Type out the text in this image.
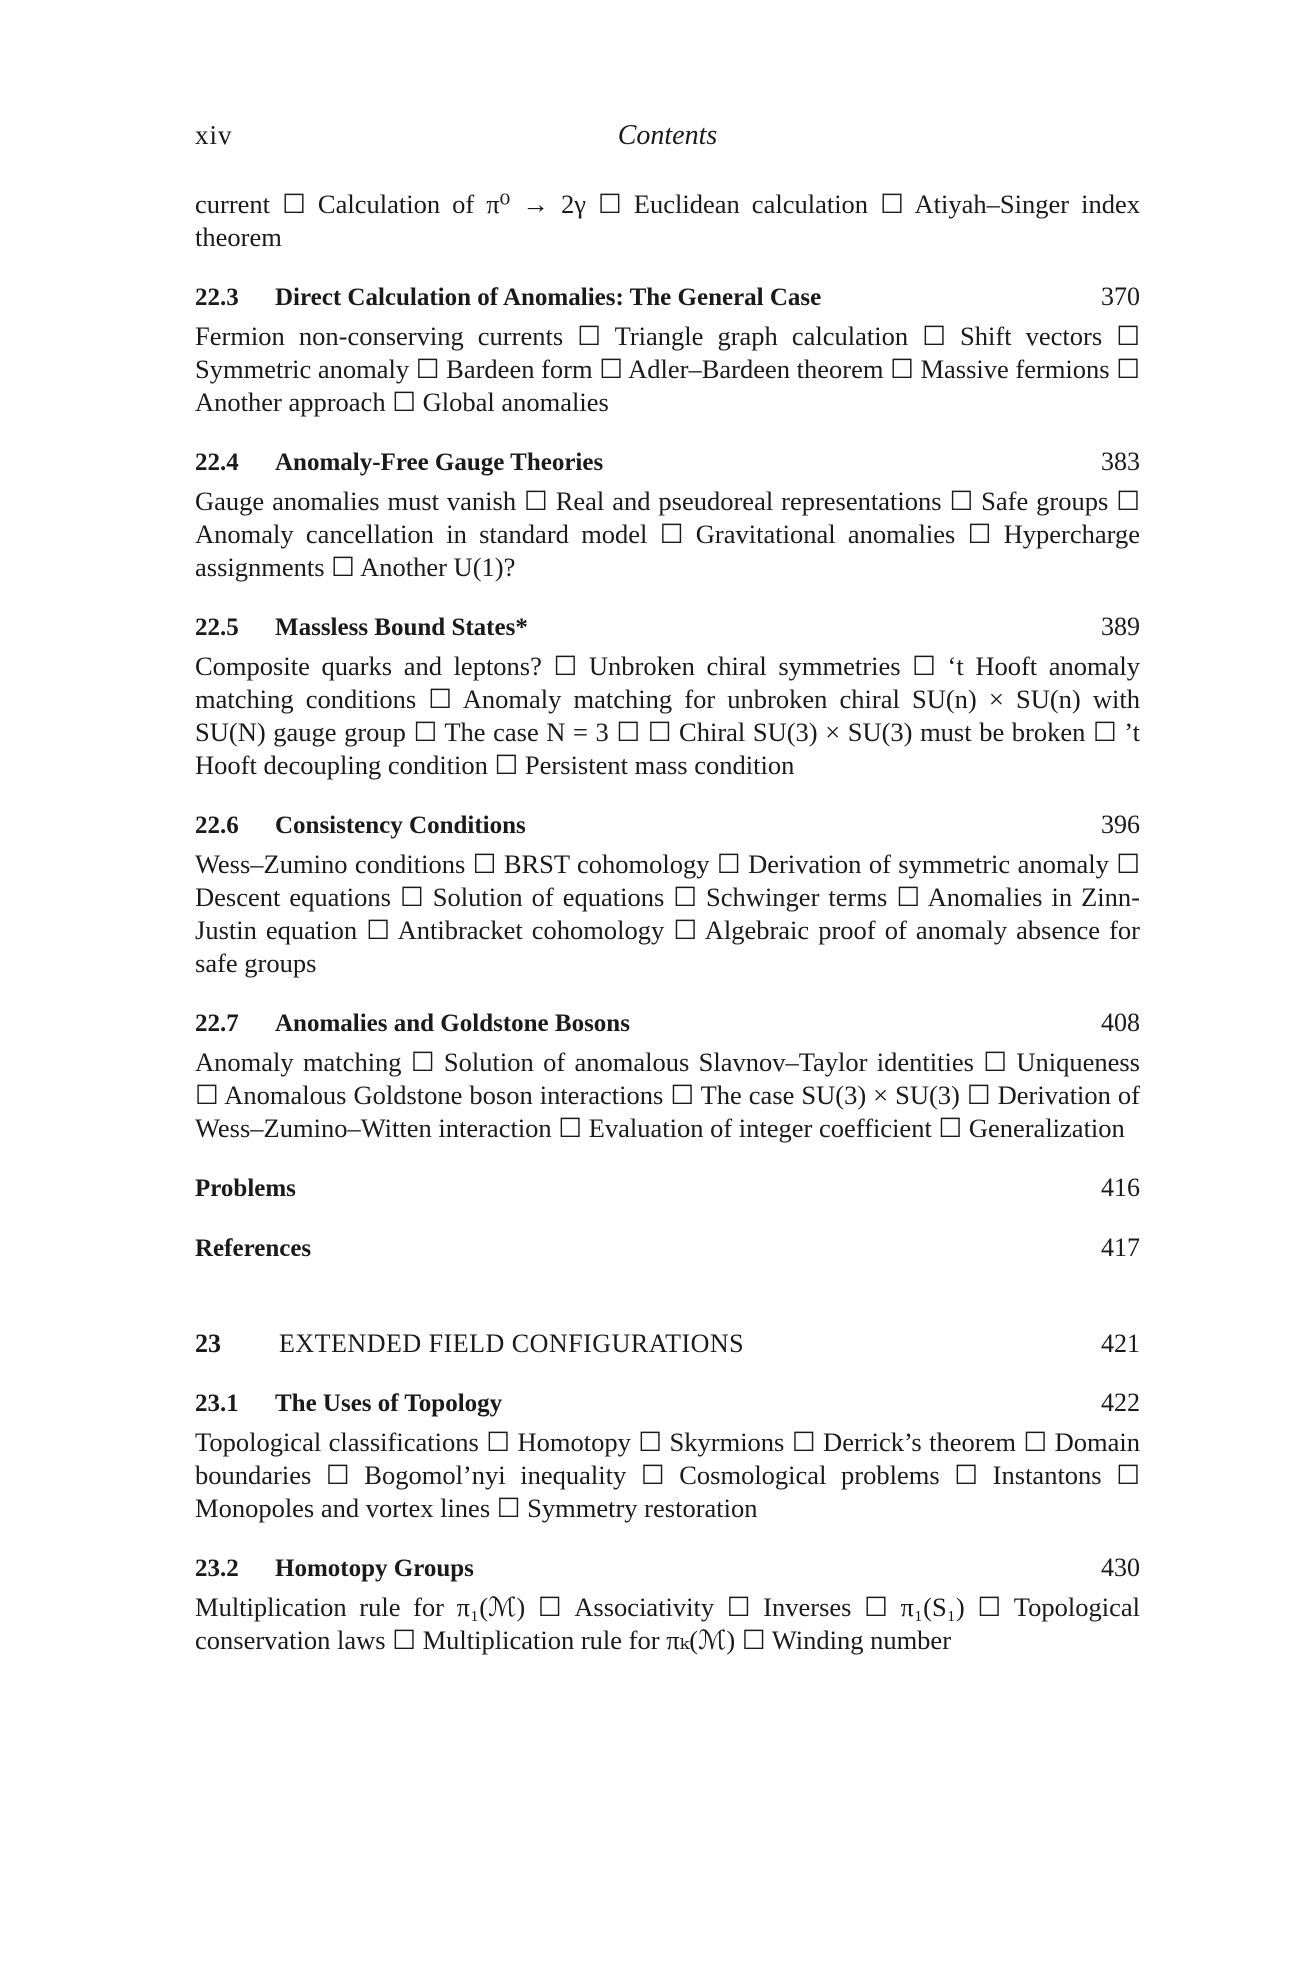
Contents
xiv

current ☐ Calculation of π⁰ → 2γ ☐ Euclidean calculation ☐ Atiyah–Singer index theorem

22.3 Direct Calculation of Anomalies: The General Case	370

Fermion non-conserving currents ☐ Triangle graph calculation ☐ Shift vectors ☐ Symmetric anomaly ☐ Bardeen form ☐ Adler–Bardeen theorem ☐ Massive fermions ☐ Another approach ☐ Global anomalies

22.4 Anomaly-Free Gauge Theories	383

Gauge anomalies must vanish ☐ Real and pseudoreal representations ☐ Safe groups ☐ Anomaly cancellation in standard model ☐ Gravitational anomalies ☐ Hypercharge assignments ☐ Another U(1)?

22.5 Massless Bound States*	389

Composite quarks and leptons? ☐ Unbroken chiral symmetries ☐ ‘t Hooft anomaly matching conditions ☐ Anomaly matching for unbroken chiral SU(n) × SU(n) with SU(N) gauge group ☐ The case N = 3 ☐ ☐ Chiral SU(3) × SU(3) must be broken ☐ ’t Hooft decoupling condition ☐ Persistent mass condition

22.6 Consistency Conditions	396

Wess–Zumino conditions ☐ BRST cohomology ☐ Derivation of symmetric anomaly ☐ Descent equations ☐ Solution of equations ☐ Schwinger terms ☐ Anomalies in Zinn-Justin equation ☐ Antibracket cohomology ☐ Algebraic proof of anomaly absence for safe groups

22.7 Anomalies and Goldstone Bosons	408

Anomaly matching ☐ Solution of anomalous Slavnov–Taylor identities ☐ Uniqueness ☐ Anomalous Goldstone boson interactions ☐ The case SU(3) × SU(3) ☐ Derivation of Wess–Zumino–Witten interaction ☐ Evaluation of integer coefficient ☐ Generalization

Problems	416
References	417
23 EXTENDED FIELD CONFIGURATIONS	421
23.1 The Uses of Topology	422

Topological classifications ☐ Homotopy ☐ Skyrmions ☐ Derrick’s theorem ☐ Domain boundaries ☐ Bogomol’nyi inequality ☐ Cosmological problems ☐ Instantons ☐ Monopoles and vortex lines ☐ Symmetry restoration

23.2 Homotopy Groups	430

Multiplication rule for π₁(ℳ) ☐ Associativity ☐ Inverses ☐ π₁(S₁) ☐ Topological conservation laws ☐ Multiplication rule for πₖ(ℳ) ☐ Winding number
